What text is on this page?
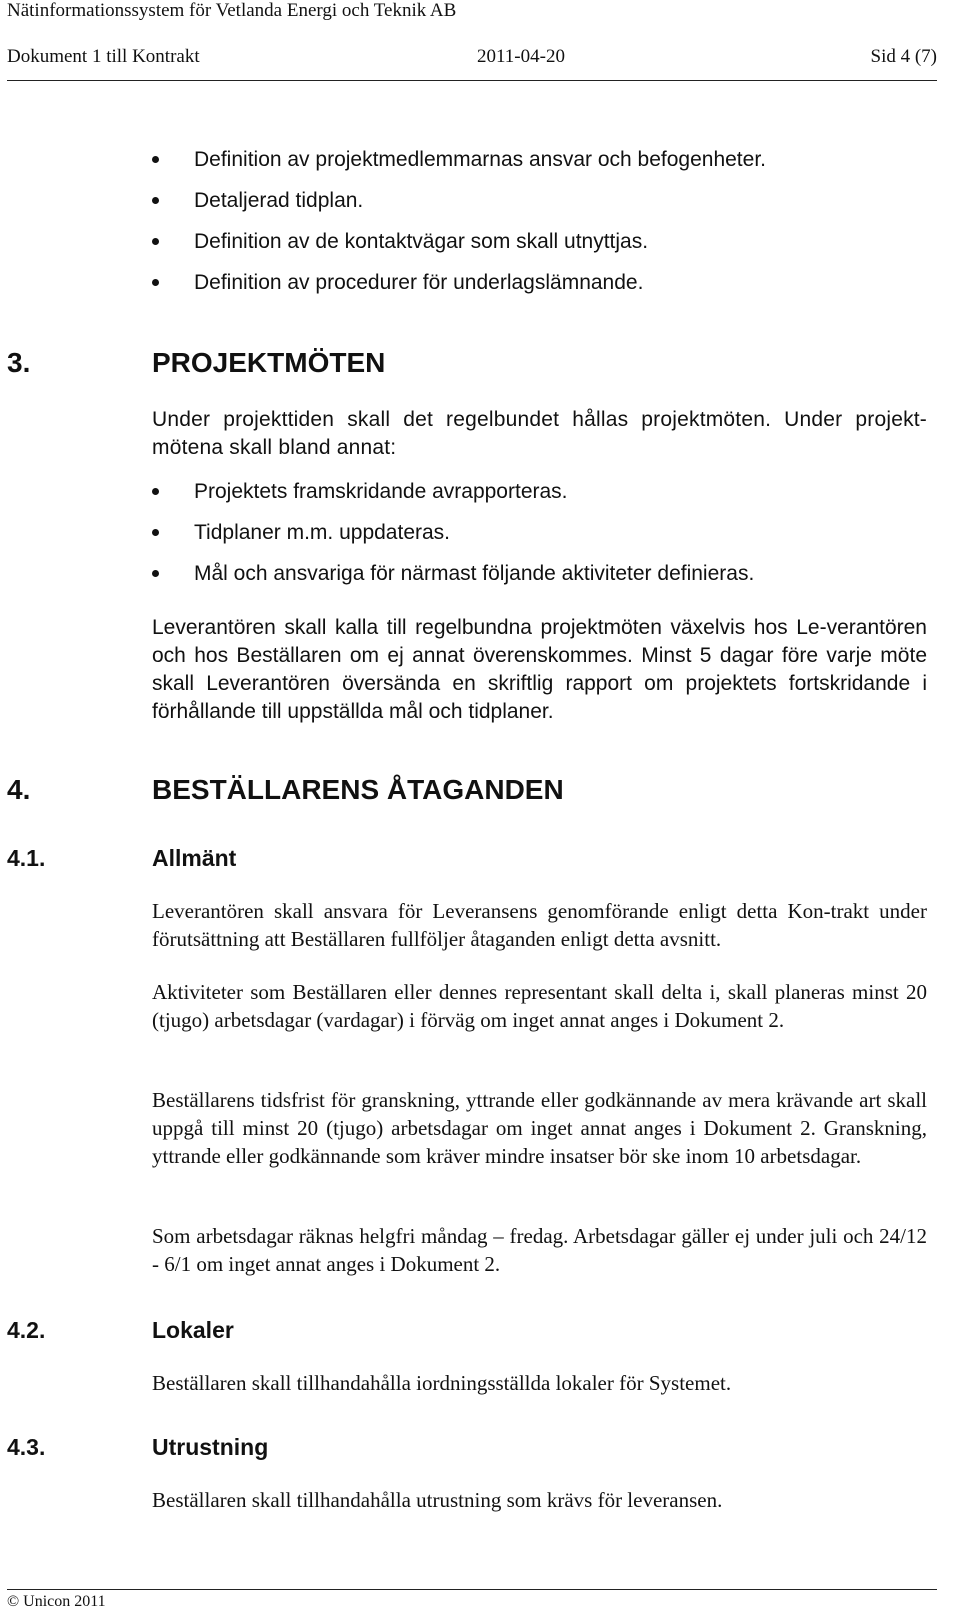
Nätinformationssystem för Vetlanda Energi och Teknik AB
Dokument 1 till Kontrakt	2011-04-20	Sid 4 (7)
Definition av projektmedlemmarnas ansvar och befogenheter.
Detaljerad tidplan.
Definition av de kontaktvägar som skall utnyttjas.
Definition av procedurer för underlagslämnande.
3.	PROJEKTMÖTEN
Under projekttiden skall det regelbundet hållas projektmöten. Under projekt-mötena skall bland annat:
Projektets framskridande avrapporteras.
Tidplaner m.m. uppdateras.
Mål och ansvariga för närmast följande aktiviteter definieras.
Leverantören skall kalla till regelbundna projektmöten växelvis hos Le-verantören och hos Beställaren om ej annat överenskommes. Minst 5 dagar före varje möte skall Leverantören översända en skriftlig rapport om projektets fortskridande i förhållande till uppställda mål och tidplaner.
4.	BESTÄLLARENS ÅTAGANDEN
4.1.	Allmänt
Leverantören skall ansvara för Leveransens genomförande enligt detta Kon-trakt under förutsättning att Beställaren fullföljer åtaganden enligt detta avsnitt.
Aktiviteter som Beställaren eller dennes representant skall delta i, skall planeras minst 20 (tjugo) arbetsdagar (vardagar) i förväg om inget annat anges i Dokument 2.
Beställarens tidsfrist för granskning, yttrande eller godkännande av mera krävande art skall uppgå till minst 20 (tjugo) arbetsdagar om inget annat anges i Dokument 2. Granskning, yttrande eller godkännande som kräver mindre insatser bör ske inom 10 arbetsdagar.
Som arbetsdagar räknas helgfri måndag – fredag. Arbetsdagar gäller ej under juli och 24/12 - 6/1 om inget annat anges i Dokument 2.
4.2.	Lokaler
Beställaren skall tillhandahålla iordningsställda lokaler för Systemet.
4.3.	Utrustning
Beställaren skall tillhandahålla utrustning som krävs för leveransen.
© Unicon 2011
